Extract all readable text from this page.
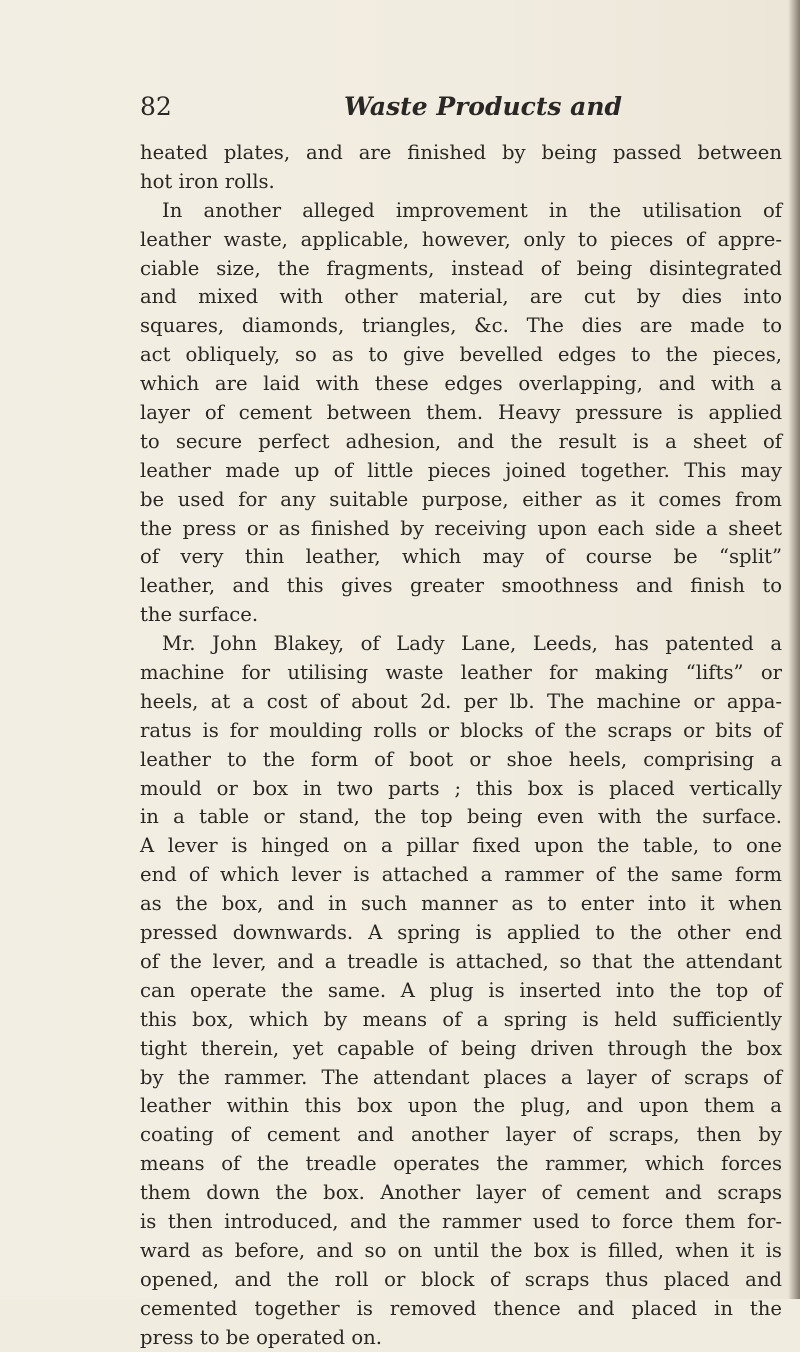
82	Waste Products and
heated plates, and are finished by being passed between
hot iron rolls.
In another alleged improvement in the utilisation of
leather waste, applicable, however, only to pieces of appre-
ciable size, the fragments, instead of being disintegrated
and mixed with other material, are cut by dies into
squares, diamonds, triangles, &c. The dies are made to
act obliquely, so as to give bevelled edges to the pieces,
which are laid with these edges overlapping, and with a
layer of cement between them. Heavy pressure is applied
to secure perfect adhesion, and the result is a sheet of
leather made up of little pieces joined together. This may
be used for any suitable purpose, either as it comes from
the press or as finished by receiving upon each side a sheet
of very thin leather, which may of course be “split”
leather, and this gives greater smoothness and finish to
the surface.
Mr. John Blakey, of Lady Lane, Leeds, has patented a
machine for utilising waste leather for making “lifts” or
heels, at a cost of about 2d. per lb. The machine or appa-
ratus is for moulding rolls or blocks of the scraps or bits of
leather to the form of boot or shoe heels, comprising a
mould or box in two parts ; this box is placed vertically
in a table or stand, the top being even with the surface.
A lever is hinged on a pillar fixed upon the table, to one
end of which lever is attached a rammer of the same form
as the box, and in such manner as to enter into it when
pressed downwards. A spring is applied to the other end
of the lever, and a treadle is attached, so that the attendant
can operate the same. A plug is inserted into the top of
this box, which by means of a spring is held sufficiently
tight therein, yet capable of being driven through the box
by the rammer. The attendant places a layer of scraps of
leather within this box upon the plug, and upon them a
coating of cement and another layer of scraps, then by
means of the treadle operates the rammer, which forces
them down the box. Another layer of cement and scraps
is then introduced, and the rammer used to force them for-
ward as before, and so on until the box is filled, when it is
opened, and the roll or block of scraps thus placed and
cemented together is removed thence and placed in the
press to be operated on.
